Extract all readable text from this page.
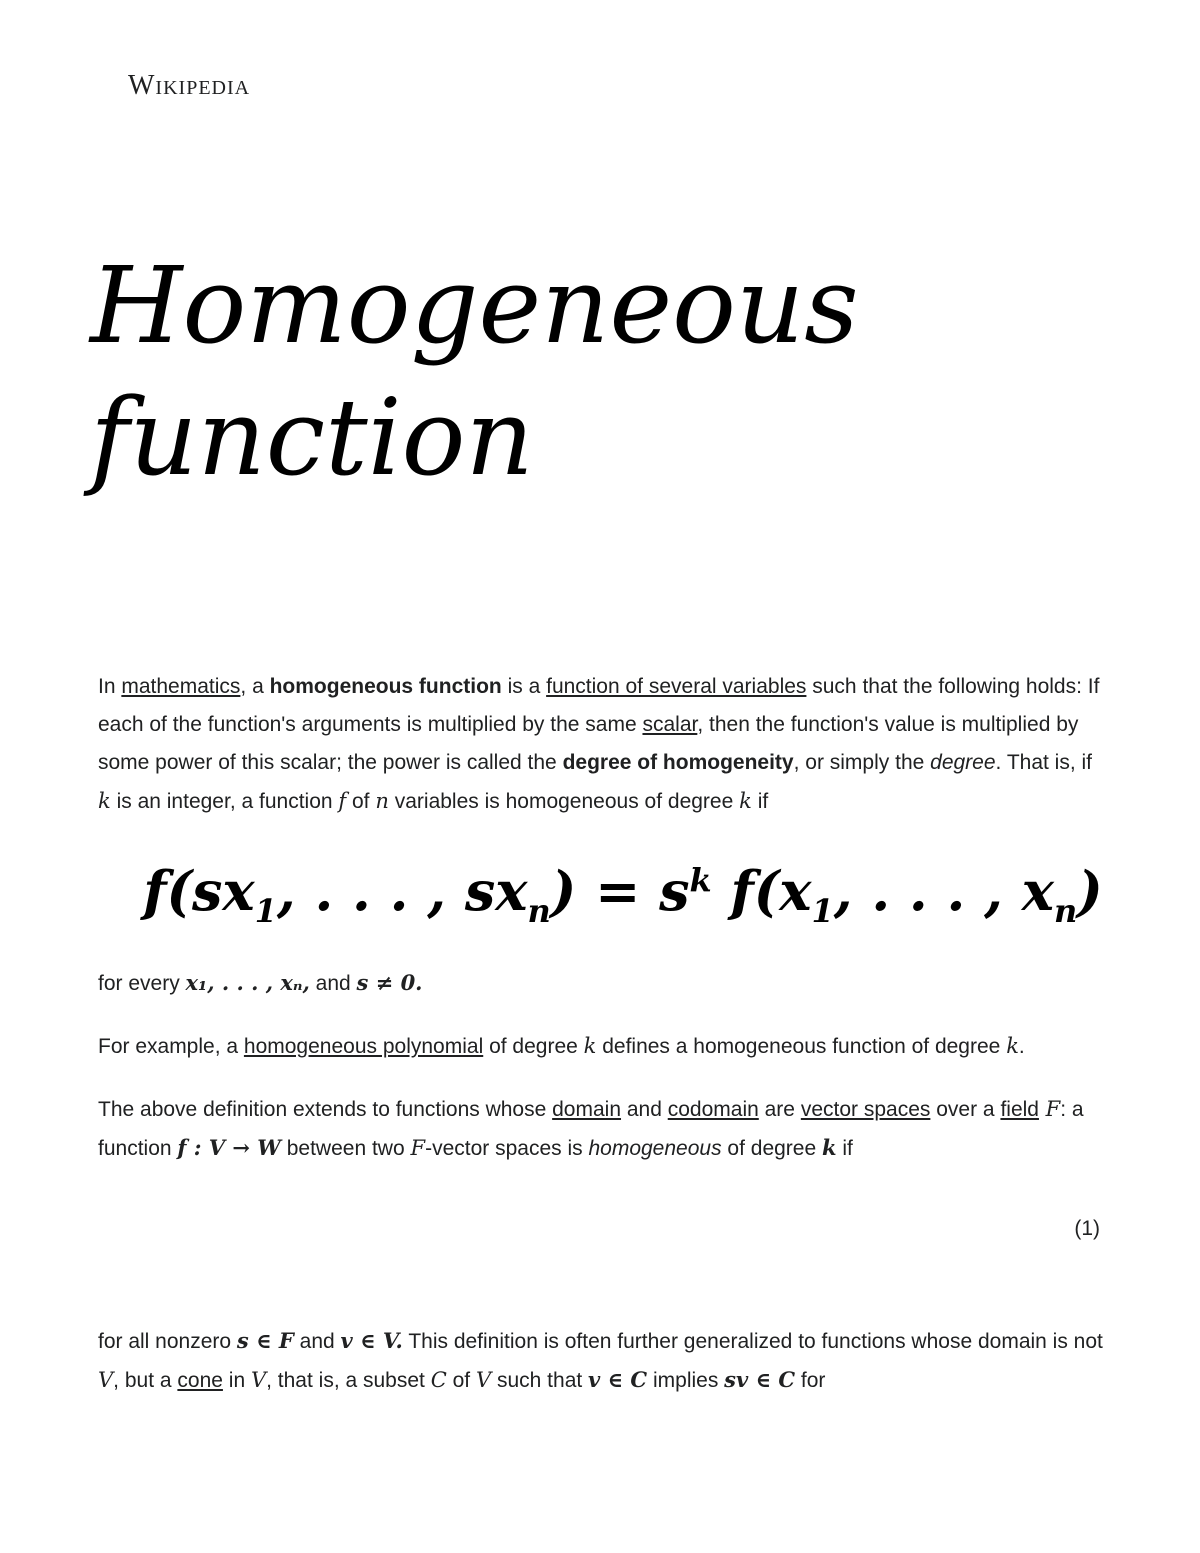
Wikipedia
Homogeneous function

In mathematics, a homogeneous function is a function of several variables such that the following holds: If each of the function's arguments is multiplied by the same scalar, then the function's value is multiplied by some power of this scalar; the power is called the degree of homogeneity, or simply the degree. That is, if k is an integer, a function f of n variables is homogeneous of degree k if

$f(sx_1$, . . . , $sx_n) = s^k$ $f(x_1$, . . . , $x_n$)

for every x₁, . . . , xₙ, and s ≠ 0.

For example, a homogeneous polynomial of degree k defines a homogeneous function of degree k.

The above definition extends to functions whose domain and codomain are vector spaces over a field F: a function f : V → W between two F-vector spaces is homogeneous of degree k if

(1)

for all nonzero s ∈ F and v ∈ V. This definition is often further generalized to functions whose domain is not V, but a cone in V, that is, a subset C of V such that v ∈ C implies sv ∈ C for
